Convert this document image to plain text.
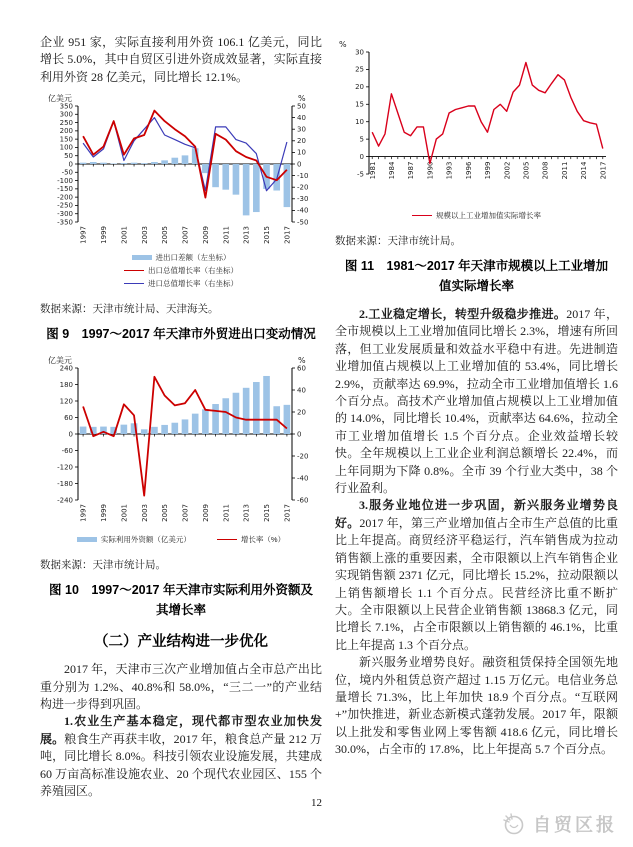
企业 951 家，实际直接利用外资 106.1 亿美元，同比增长 5.0%，其中自贸区引进外资成效显著，实际直接利用外资 28 亿美元，同比增长 12.1%。

-350
-300
-250
-200
-150
-100
-50
0
50
100
150
200
250
300
350
亿美元
-50
-40
-30
-20
-10
0
10
20
30
40
50
%
1997 1999 2001 2003 2005 2007 2009 2011 2013 2015 2017
进出口差额（左坐标）
出口总值增长率（右坐标）
进口总值增长率（右坐标）

数据来源：天津市统计局、天津海关。

图 9　1997～2017 年天津市外贸进出口变动情况
-240
-180
-120
-60
0
60
120
180
240
亿美元
-60
-40
-20
0
20
40
60
%
1997 1999 2001 2003 2005 2007 2009 2011 2013 2015 2017
实际利用外资额（亿美元）	增长率（%）

数据来源：天津市统计局。

图 10　1997～2017 年天津市实际利用外资额及其增长率
（二）产业结构进一步优化

2017 年，天津市三次产业增加值占全市总产出比重分别为 1.2%、40.8%和 58.0%，“三二一”的产业结构进一步得到巩固。

1.农业生产基本稳定，现代都市型农业加快发展。粮食生产再获丰收，2017 年，粮食总产量 212 万吨，同比增长 8.0%。科技引领农业设施发展，共建成 60 万亩高标准设施农业、20 个现代农业园区、155 个养殖园区。

-5
0
5
10
15
20
25
30
%
1981 1984 1987 1990 1993 1996 1999 2002 2005 2008 2011 2014 2017
规模以上工业增加值实际增长率

数据来源：天津市统计局。

图 11　1981～2017 年天津市规模以上工业增加值实际增长率

2.工业稳定增长，转型升级稳步推进。2017 年，全市规模以上工业增加值同比增长 2.3%，增速有所回落，但工业发展质量和效益水平稳中有进。先进制造业增加值占规模以上工业增加值的 53.4%，同比增长 2.9%，贡献率达 69.9%，拉动全市工业增加值增长 1.6 个百分点。高技术产业增加值占规模以上工业增加值的 14.0%，同比增长 10.4%，贡献率达 64.6%，拉动全市工业增加值增长 1.5 个百分点。企业效益增长较快。全年规模以上工业企业利润总额增长 22.4%，而上年同期为下降 0.8%。全市 39 个行业大类中，38 个行业盈利。

3.服务业地位进一步巩固，新兴服务业增势良好。2017 年，第三产业增加值占全市生产总值的比重比上年提高。商贸经济平稳运行，汽车销售成为拉动销售额上涨的重要因素，全市限额以上汽车销售企业实现销售额 2371 亿元，同比增长 15.2%，拉动限额以上销售额增长 1.1 个百分点。民营经济比重不断扩大。全市限额以上民营企业销售额 13868.3 亿元，同比增长 7.1%，占全市限额以上销售额的 46.1%，比重比上年提高 1.3 个百分点。

新兴服务业增势良好。融资租赁保持全国领先地位，境内外租赁总资产超过 1.15 万亿元。电信业务总量增长 71.3%，比上年加快 18.9 个百分点。“互联网+”加快推进，新业态新模式蓬勃发展。2017 年，限额以上批发和零售业网上零售额 418.6 亿元，同比增长 30.0%，占全市的 17.8%，比上年提高 5.7 个百分点。

12
自贸区报
